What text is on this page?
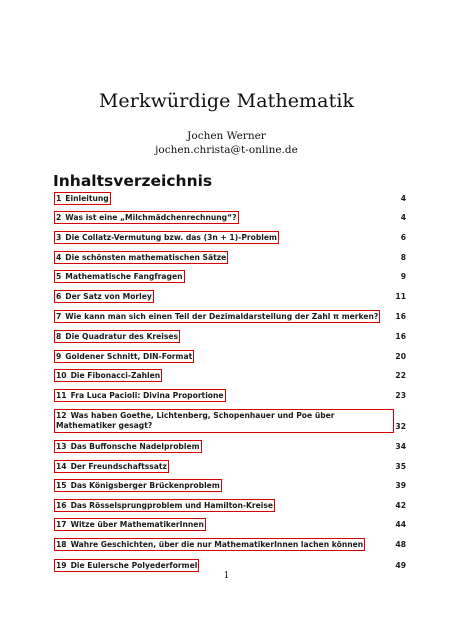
Merkwürdige Mathematik
Jochen Werner
jochen.christa@t-online.de
Inhaltsverzeichnis
1 Einleitung	4
2 Was ist eine „Milchmädchenrechnung“?	4
3 Die Collatz-Vermutung bzw. das (3n + 1)-Problem	6
4 Die schönsten mathematischen Sätze	8
5 Mathematische Fangfragen	9
6 Der Satz von Morley	11
7 Wie kann man sich einen Teil der Dezimaldarstellung der Zahl π merken? 16
8 Die Quadratur des Kreises	16
9 Goldener Schnitt, DIN-Format	20
10 Die Fibonacci-Zahlen	22
11 Fra Luca Pacioli: Divina Proportione	23
12 Was haben Goethe, Lichtenberg, Schopenhauer und Poe über Mathematiker gesagt?	32
13 Das Buffonsche Nadelproblem	34
14 Der Freundschaftssatz	35
15 Das Königsberger Brückenproblem	39
16 Das Rösselsprungproblem und Hamilton-Kreise	42
17 Witze über MathematikerInnen	44
18 Wahre Geschichten, über die nur MathematikerInnen lachen können	48
19 Die Eulersche Polyederformel	49
1
